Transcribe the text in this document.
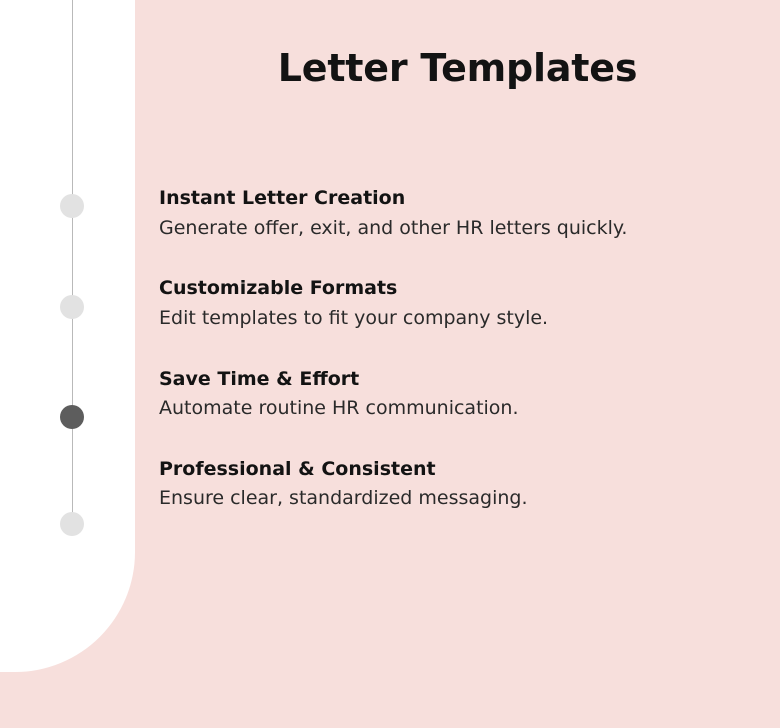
Letter Templates

Instant Letter Creation

Generate offer, exit, and other HR letters quickly.

Customizable Formats

Edit templates to fit your company style.

Save Time & Effort

Automate routine HR communication.

Professional & Consistent

Ensure clear, standardized messaging.
